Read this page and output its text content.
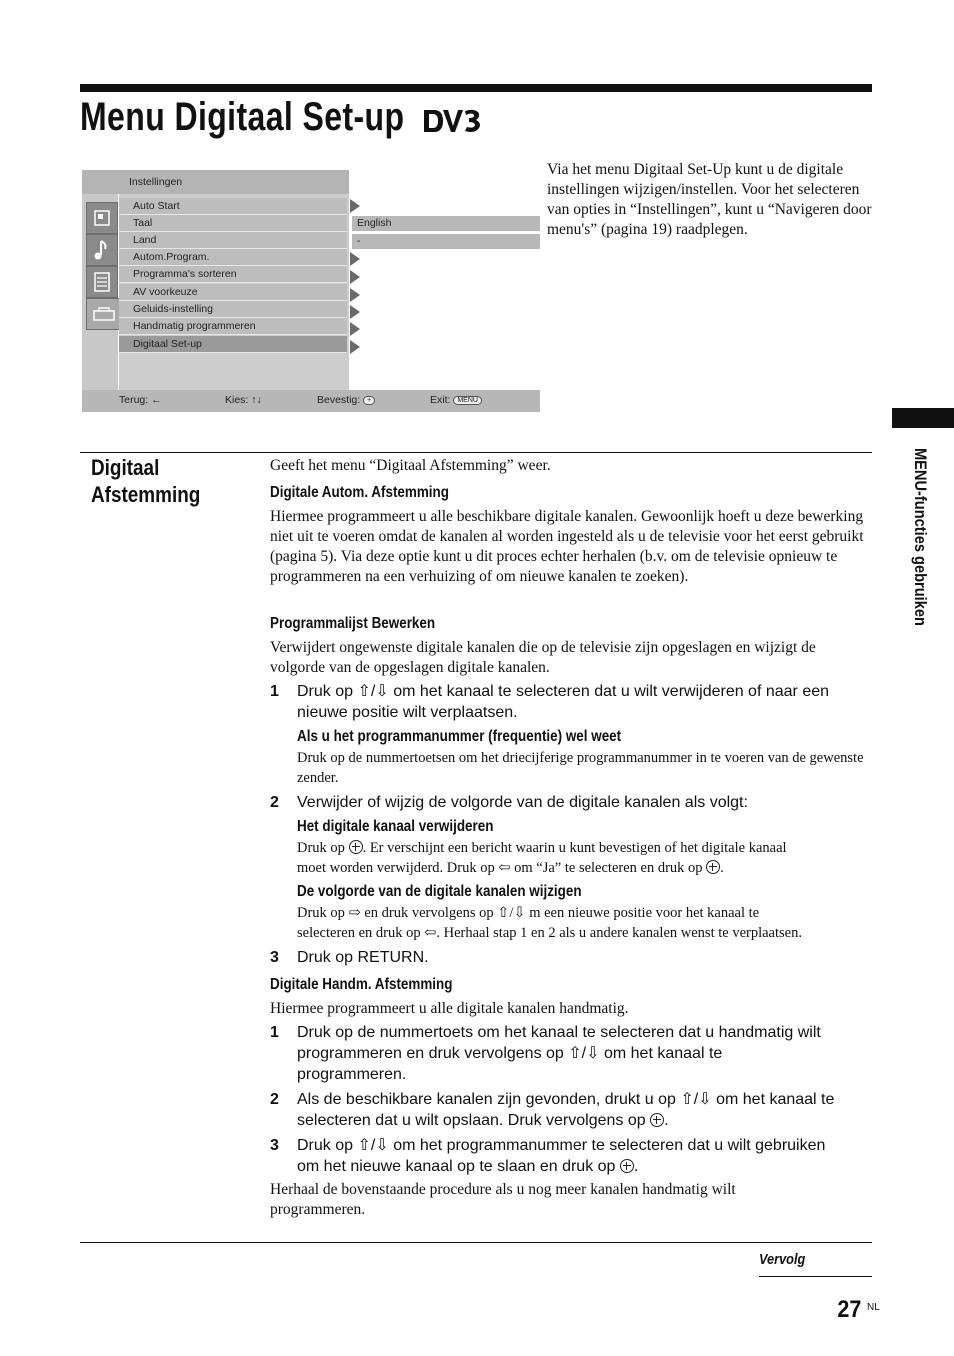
Menu Digitaal Set-up
Instellingen
Auto Start
Taal
Land
Autom.Program.
Programma's sorteren
AV voorkeuze
Geluids-instelling
Handmatig programmeren
Digitaal Set-up
English
-
Terug: ←	Kies: ↑↓	Bevestig: +	Exit: MENU
Via het menu Digitaal Set-Up kunt u de digitale instellingen wijzigen/instellen. Voor het selecteren van opties in “Instellingen”, kunt u “Navigeren door menu's” (pagina 19) raadplegen.
Digitaal
Afstemming
Geeft het menu “Digitaal Afstemming” weer.
Digitale Autom. Afstemming
Hiermee programmeert u alle beschikbare digitale kanalen. Gewoonlijk hoeft u deze bewerking niet uit te voeren omdat de kanalen al worden ingesteld als u de televisie voor het eerst gebruikt (pagina 5). Via deze optie kunt u dit proces echter herhalen (b.v. om de televisie opnieuw te programmeren na een verhuizing of om nieuwe kanalen te zoeken).
Programmalijst Bewerken
Verwijdert ongewenste digitale kanalen die op de televisie zijn opgeslagen en wijzigt de volgorde van de opgeslagen digitale kanalen.
1 Druk op ⇧/⇩ om het kanaal te selecteren dat u wilt verwijderen of naar een nieuwe positie wilt verplaatsen.
Als u het programmanummer (frequentie) wel weet
Druk op de nummertoetsen om het driecijferige programmanummer in te voeren van de gewenste zender.
2 Verwijder of wijzig de volgorde van de digitale kanalen als volgt:
Het digitale kanaal verwijderen
Druk op . Er verschijnt een bericht waarin u kunt bevestigen of het digitale kanaal
moet worden verwijderd. Druk op ⇦ om “Ja” te selecteren en druk op .
De volgorde van de digitale kanalen wijzigen
Druk op ⇨ en druk vervolgens op ⇧/⇩ m een nieuwe positie voor het kanaal te
selecteren en druk op ⇦. Herhaal stap 1 en 2 als u andere kanalen wenst te verplaatsen.
3 Druk op RETURN.
Digitale Handm. Afstemming
Hiermee programmeert u alle digitale kanalen handmatig.
1 Druk op de nummertoets om het kanaal te selecteren dat u handmatig wilt
programmeren en druk vervolgens op ⇧/⇩ om het kanaal te
programmeren.
2 Als de beschikbare kanalen zijn gevonden, drukt u op ⇧/⇩ om het kanaal te
selecteren dat u wilt opslaan. Druk vervolgens op .
3 Druk op ⇧/⇩ om het programmanummer te selecteren dat u wilt gebruiken
om het nieuwe kanaal op te slaan en druk op .
Herhaal de bovenstaande procedure als u nog meer kanalen handmatig wilt programmeren.
Vervolg
27 NL
MENU-functies gebruiken
